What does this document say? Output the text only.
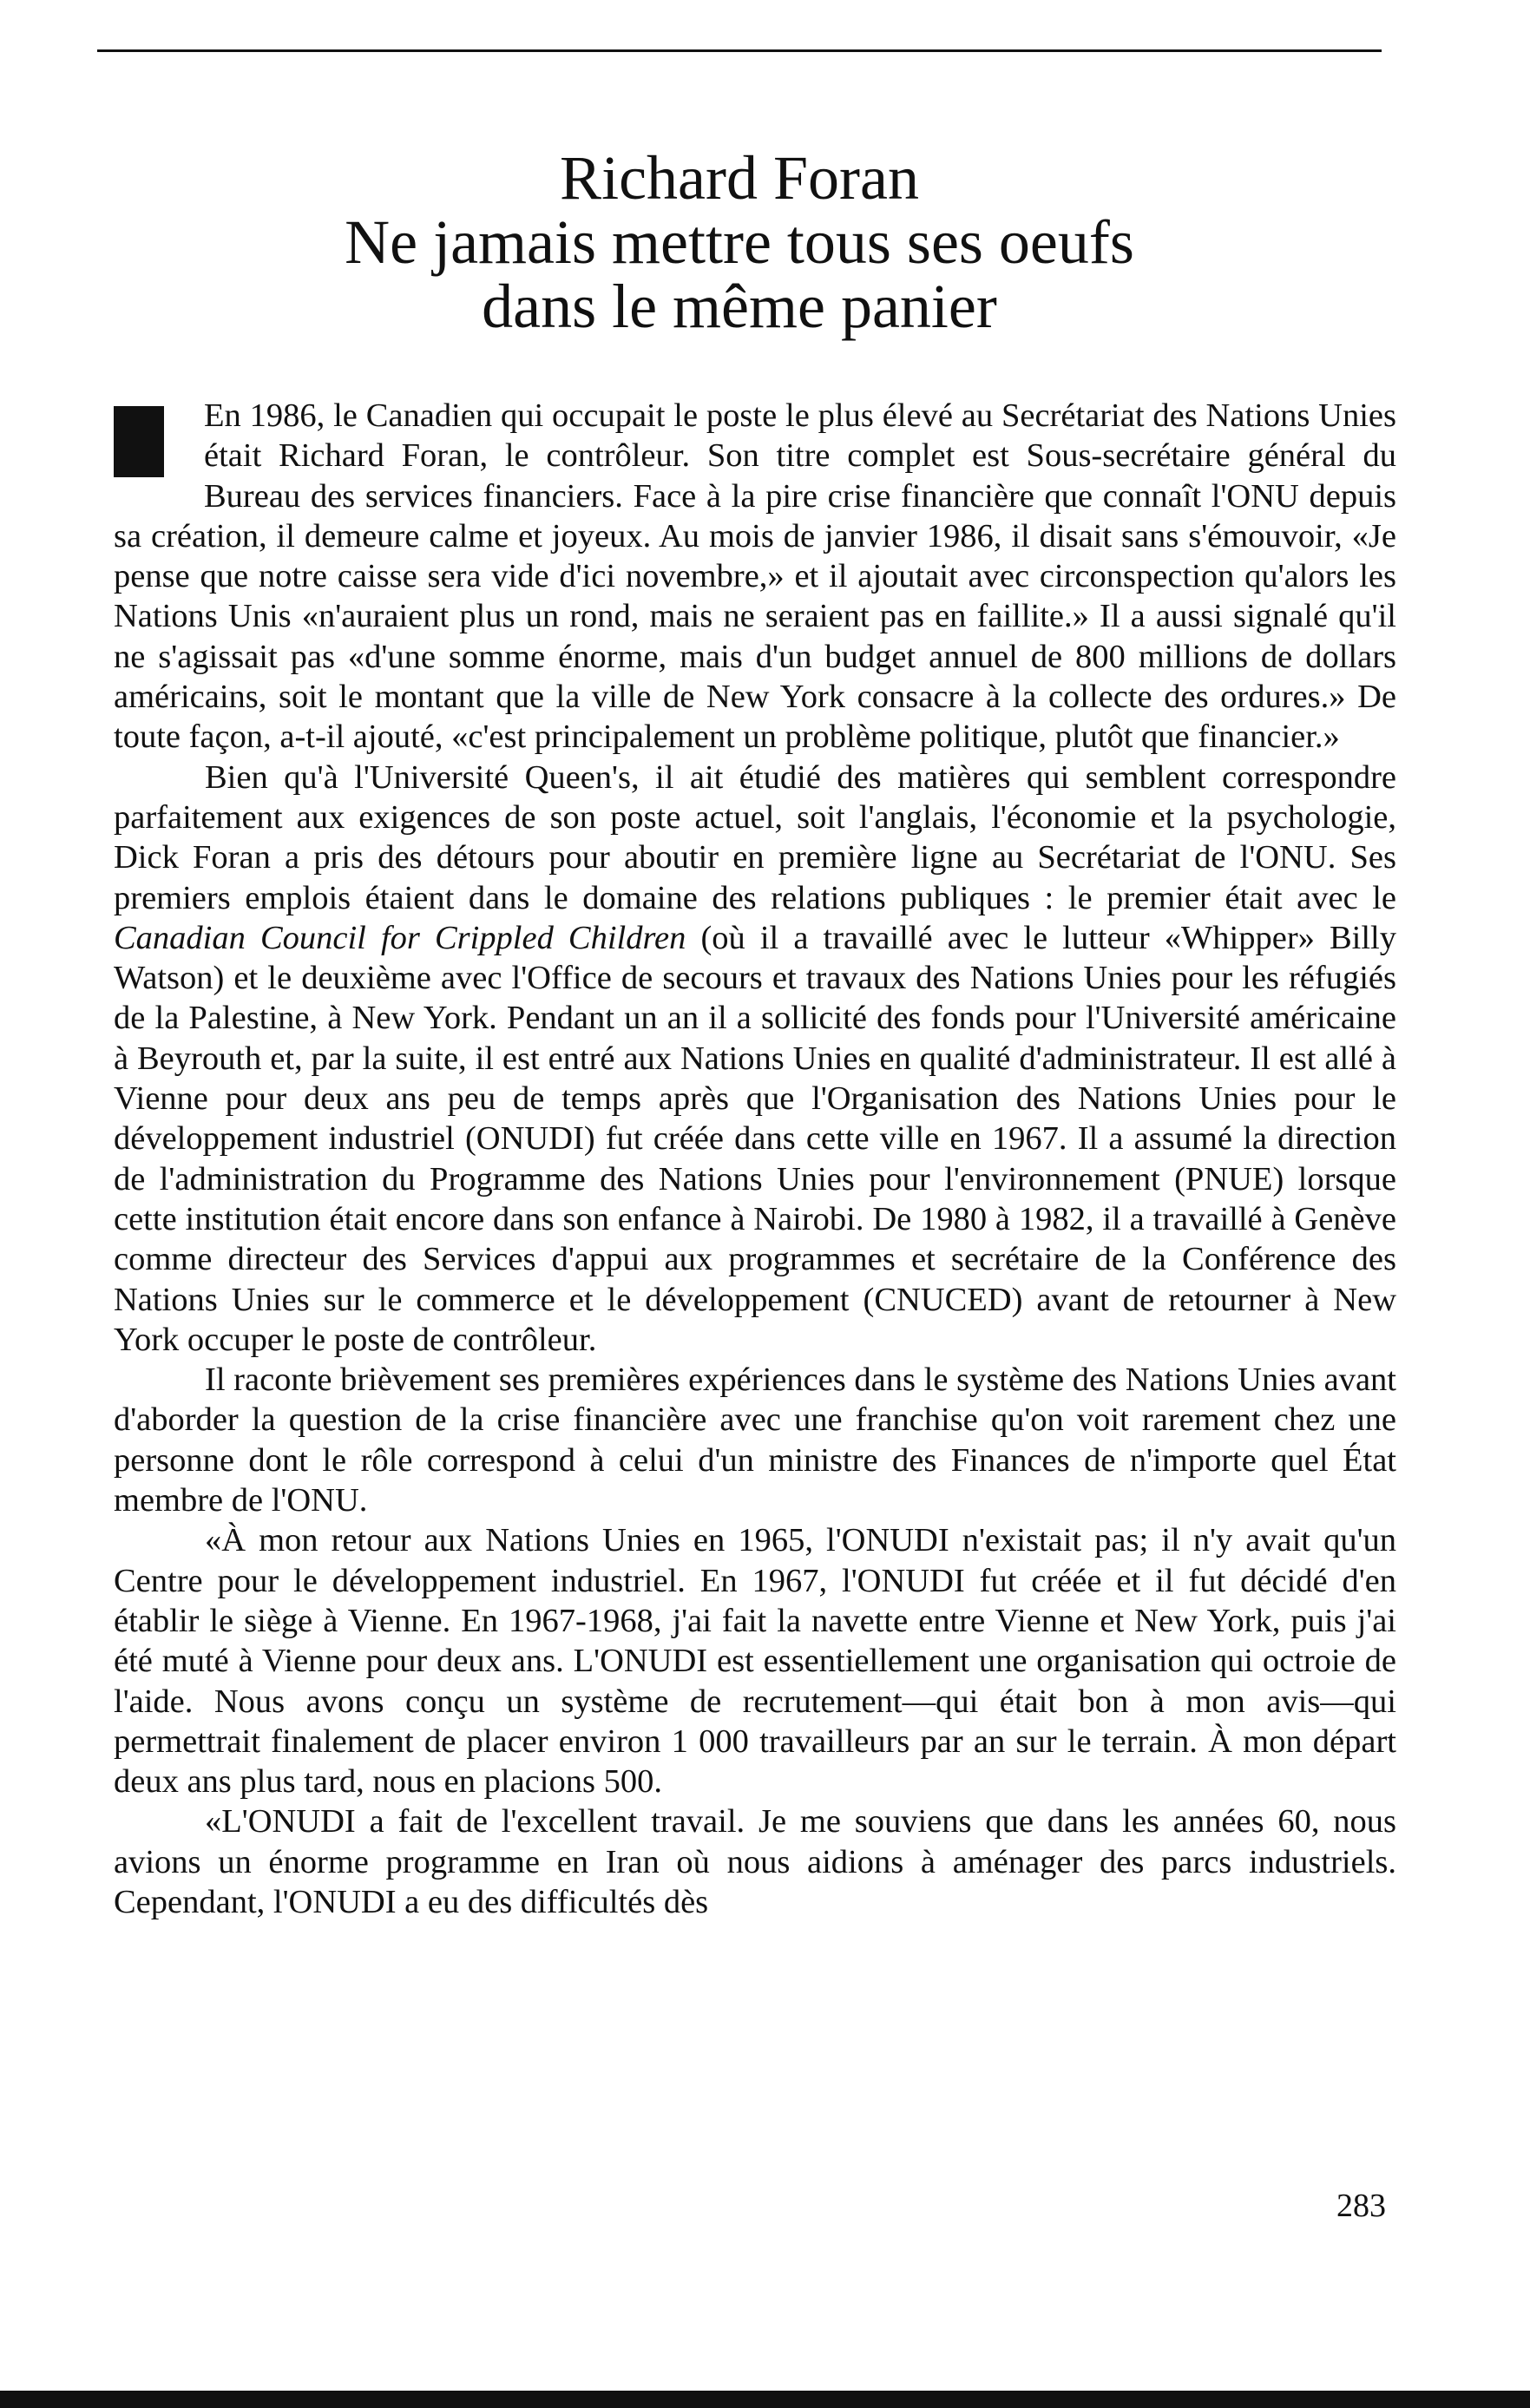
Richard Foran
Ne jamais mettre tous ses oeufs
dans le même panier

En 1986, le Canadien qui occupait le poste le plus élevé au Secrétariat des Nations Unies était Richard Foran, le contrôleur. Son titre complet est Sous-secrétaire général du Bureau des services financiers. Face à la pire crise financière que connaît l'ONU depuis sa création, il demeure calme et joyeux. Au mois de janvier 1986, il disait sans s'émouvoir, «Je pense que notre caisse sera vide d'ici novembre,» et il ajoutait avec circonspection qu'alors les Nations Unis «n'auraient plus un rond, mais ne seraient pas en faillite.» Il a aussi signalé qu'il ne s'agissait pas «d'une somme énorme, mais d'un budget annuel de 800 millions de dollars américains, soit le montant que la ville de New York consacre à la collecte des ordures.» De toute façon, a-t-il ajouté, «c'est principalement un problème politique, plutôt que financier.»

Bien qu'à l'Université Queen's, il ait étudié des matières qui semblent correspondre parfaitement aux exigences de son poste actuel, soit l'anglais, l'économie et la psychologie, Dick Foran a pris des détours pour aboutir en première ligne au Secrétariat de l'ONU. Ses premiers emplois étaient dans le domaine des relations publiques : le premier était avec le Canadian Council for Crippled Children (où il a travaillé avec le lutteur «Whipper» Billy Watson) et le deuxième avec l'Office de secours et travaux des Nations Unies pour les réfugiés de la Palestine, à New York. Pendant un an il a sollicité des fonds pour l'Université américaine à Beyrouth et, par la suite, il est entré aux Nations Unies en qualité d'administrateur. Il est allé à Vienne pour deux ans peu de temps après que l'Organisation des Nations Unies pour le développement industriel (ONUDI) fut créée dans cette ville en 1967. Il a assumé la direction de l'administration du Programme des Nations Unies pour l'environnement (PNUE) lorsque cette institution était encore dans son enfance à Nairobi. De 1980 à 1982, il a travaillé à Genève comme directeur des Services d'appui aux programmes et secrétaire de la Conférence des Nations Unies sur le commerce et le développement (CNUCED) avant de retourner à New York occuper le poste de contrôleur.

Il raconte brièvement ses premières expériences dans le système des Nations Unies avant d'aborder la question de la crise financière avec une franchise qu'on voit rarement chez une personne dont le rôle correspond à celui d'un ministre des Finances de n'importe quel État membre de l'ONU.

«À mon retour aux Nations Unies en 1965, l'ONUDI n'existait pas; il n'y avait qu'un Centre pour le développement industriel. En 1967, l'ONUDI fut créée et il fut décidé d'en établir le siège à Vienne. En 1967-1968, j'ai fait la navette entre Vienne et New York, puis j'ai été muté à Vienne pour deux ans. L'ONUDI est essentiellement une organisation qui octroie de l'aide. Nous avons conçu un système de recrutement—qui était bon à mon avis—qui permettrait finalement de placer environ 1 000 travailleurs par an sur le terrain. À mon départ deux ans plus tard, nous en placions 500.

«L'ONUDI a fait de l'excellent travail. Je me souviens que dans les années 60, nous avions un énorme programme en Iran où nous aidions à aménager des parcs industriels. Cependant, l'ONUDI a eu des difficultés dès

283
